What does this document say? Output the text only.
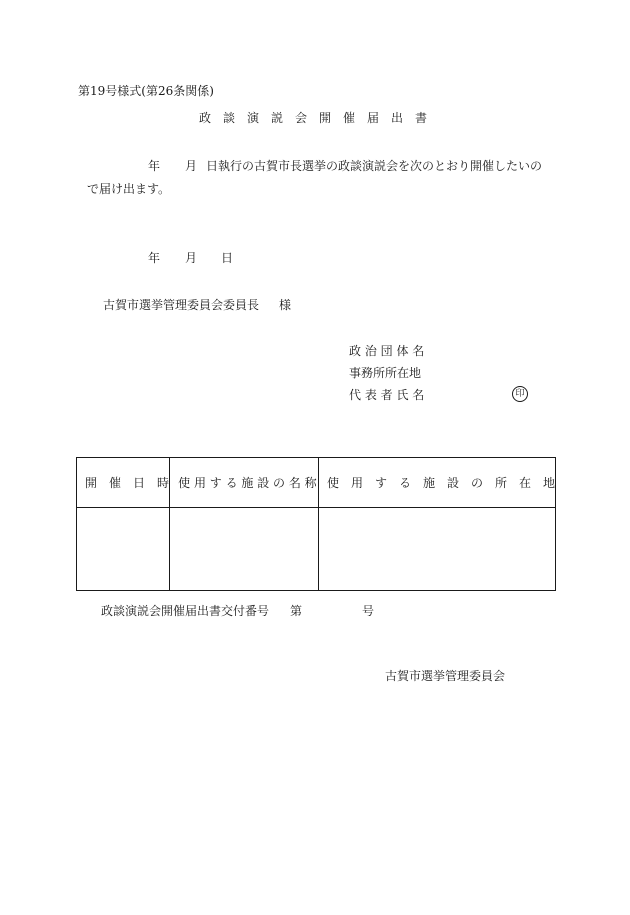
第19号様式(第26条関係)
政　談　演　説　会　開　催　届　出　書
年 月 日執行の古賀市長選挙の政談演説会を次のとおり開催したいの
で届け出ます。
年 月 日
古賀市選挙管理委員会委員長 様
政 治 団 体 名
事務所所在地
代 表 者 氏 名	印
開　催　日　時	使 用 す る 施 設 の 名 称	使　用　す　る　施　設　の　所　在　地

政談演説会開催届出書交付番号 第	号
古賀市選挙管理委員会
